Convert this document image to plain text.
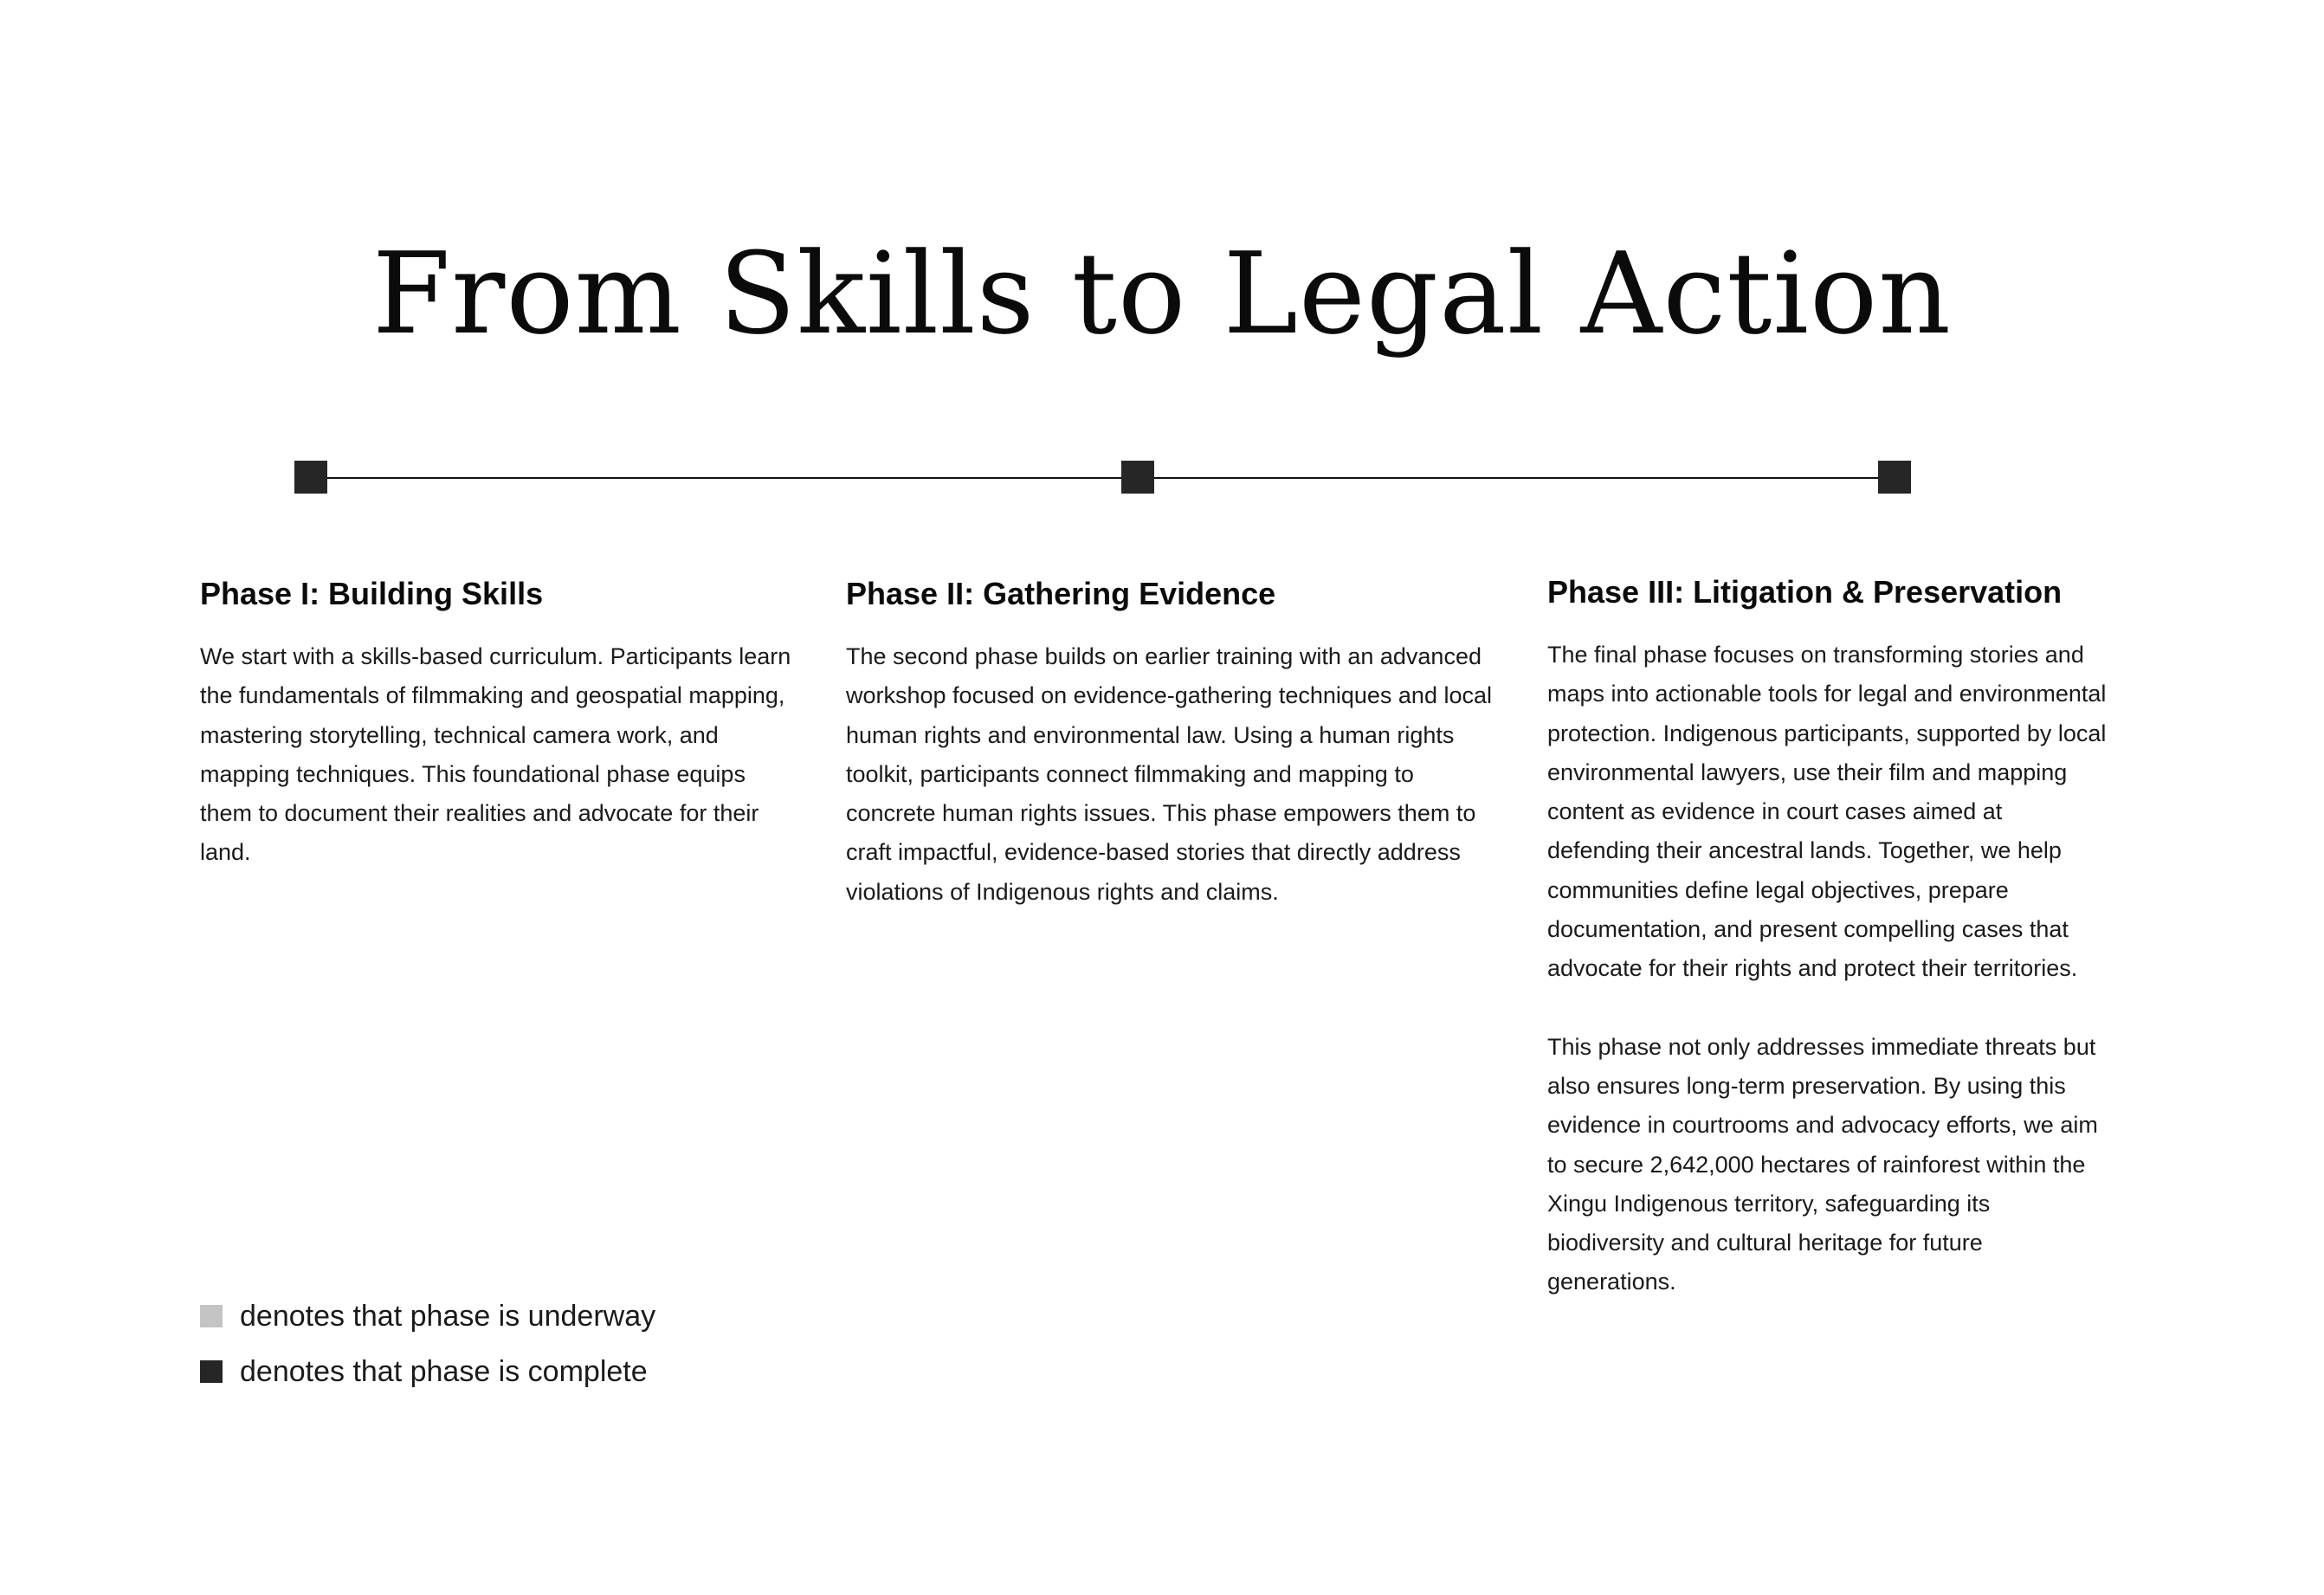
From Skills to Legal Action
Phase I: Building Skills

We start with a skills-based curriculum. Participants learn the fundamentals of filmmaking and geospatial mapping, mastering storytelling, technical camera work, and mapping techniques. This foundational phase equips them to document their realities and advocate for their land.

Phase II: Gathering Evidence

The second phase builds on earlier training with an advanced workshop focused on evidence-gathering techniques and local human rights and environmental law. Using a human rights toolkit, participants connect filmmaking and mapping to concrete human rights issues. This phase empowers them to craft impactful, evidence-based stories that directly address violations of Indigenous rights and claims.

Phase III: Litigation & Preservation

The final phase focuses on transforming stories and maps into actionable tools for legal and environmental protection. Indigenous participants, supported by local environmental lawyers, use their film and mapping content as evidence in court cases aimed at defending their ancestral lands. Together, we help communities define legal objectives, prepare documentation, and present compelling cases that advocate for their rights and protect their territories.

This phase not only addresses immediate threats but also ensures long-term preservation. By using this evidence in courtrooms and advocacy efforts, we aim to secure 2,642,000 hectares of rainforest within the Xingu Indigenous territory, safeguarding its biodiversity and cultural heritage for future generations.

denotes that phase is underway
denotes that phase is complete
